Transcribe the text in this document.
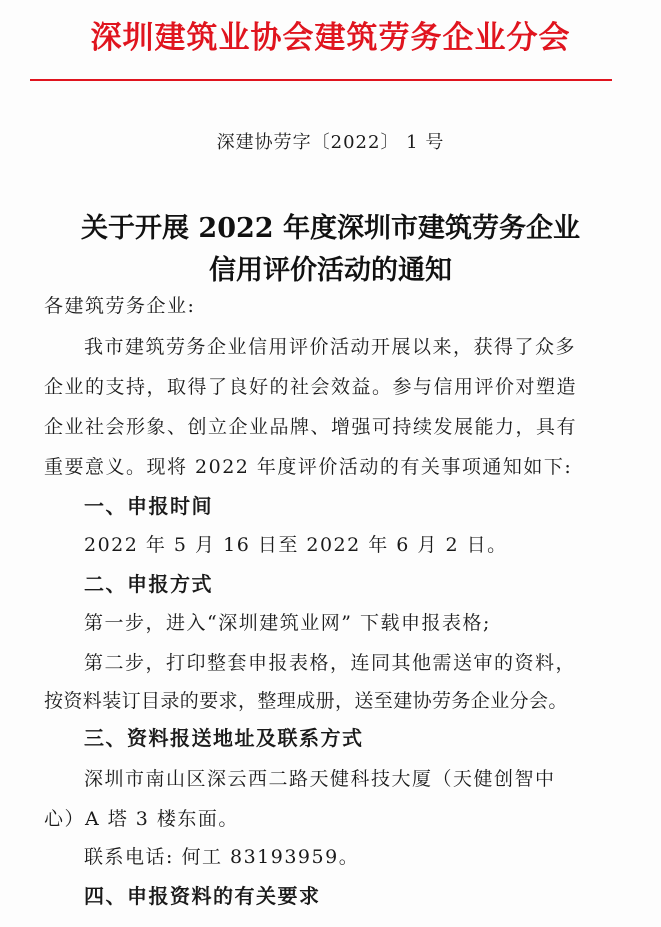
深圳建筑业协会建筑劳务企业分会
深建协劳字〔2022〕 1 号
关于开展 2022 年度深圳市建筑劳务企业
信用评价活动的通知
各建筑劳务企业:
我市建筑劳务企业信用评价活动开展以来，获得了众多
企业的支持，取得了良好的社会效益。参与信用评价对塑造
企业社会形象、创立企业品牌、增强可持续发展能力，具有
重要意义。现将 2022 年度评价活动的有关事项通知如下:
一、申报时间
2022 年 5 月 16 日至 2022 年 6 月 2 日。
二、申报方式
第一步，进入“深圳建筑业网” 下载申报表格;
第二步，打印整套申报表格，连同其他需送审的资料，
按资料装订目录的要求，整理成册，送至建协劳务企业分会。
三、资料报送地址及联系方式
深圳市南山区深云西二路天健科技大厦（天健创智中
心）A 塔 3 楼东面。
联系电话: 何工 83193959。
四、申报资料的有关要求
